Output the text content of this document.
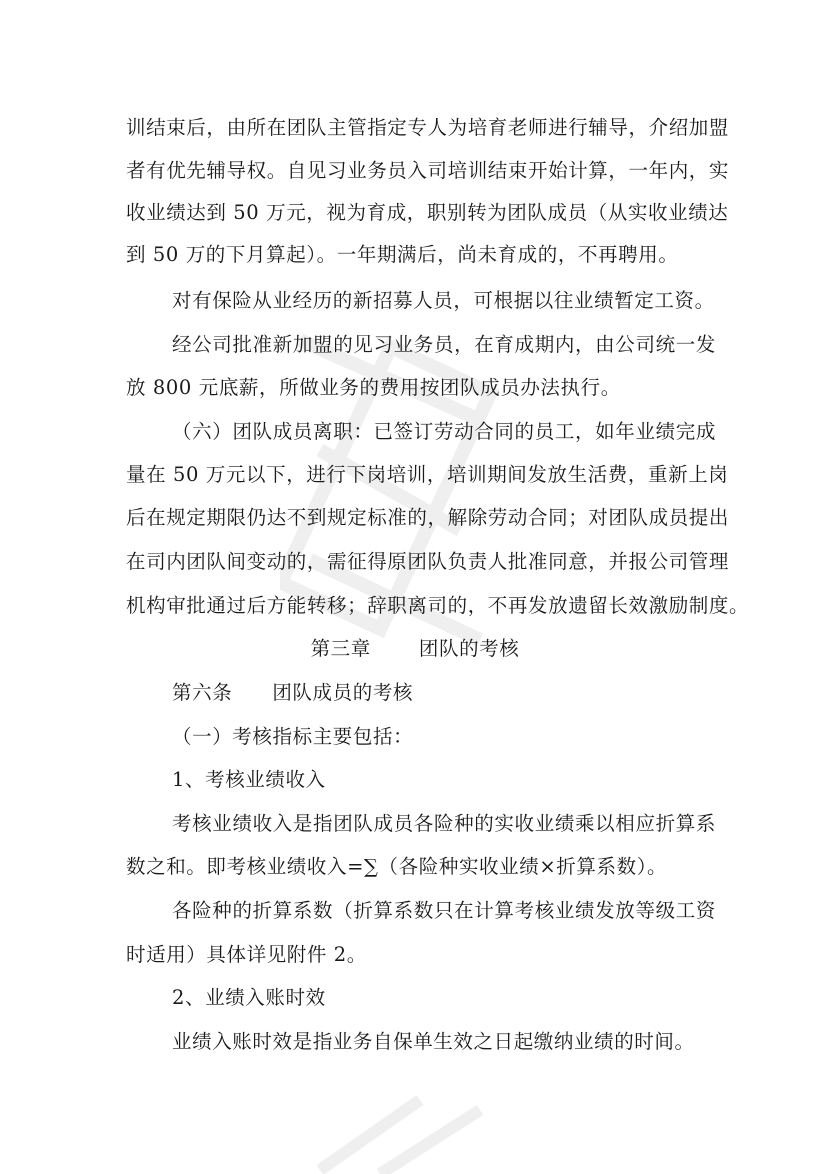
训结束后，由所在团队主管指定专人为培育老师进行辅导，介绍加盟
者有优先辅导权。自见习业务员入司培训结束开始计算，一年内，实
收业绩达到 50 万元，视为育成，职别转为团队成员（从实收业绩达
到 50 万的下月算起）。一年期满后，尚未育成的，不再聘用。
对有保险从业经历的新招募人员，可根据以往业绩暂定工资。
经公司批准新加盟的见习业务员，在育成期内，由公司统一发
放 800 元底薪，所做业务的费用按团队成员办法执行。
（六）团队成员离职：已签订劳动合同的员工，如年业绩完成
量在 50 万元以下，进行下岗培训，培训期间发放生活费，重新上岗
后在规定期限仍达不到规定标准的，解除劳动合同；对团队成员提出
在司内团队间变动的，需征得原团队负责人批准同意，并报公司管理
机构审批通过后方能转移；辞职离司的，不再发放遗留长效激励制度。
第三章 团队的考核
第六条 团队成员的考核
（一）考核指标主要包括：
1、考核业绩收入
考核业绩收入是指团队成员各险种的实收业绩乘以相应折算系
数之和。即考核业绩收入=∑（各险种实收业绩×折算系数）。
各险种的折算系数（折算系数只在计算考核业绩发放等级工资
时适用）具体详见附件 2。
2、业绩入账时效
业绩入账时效是指业务自保单生效之日起缴纳业绩的时间。
